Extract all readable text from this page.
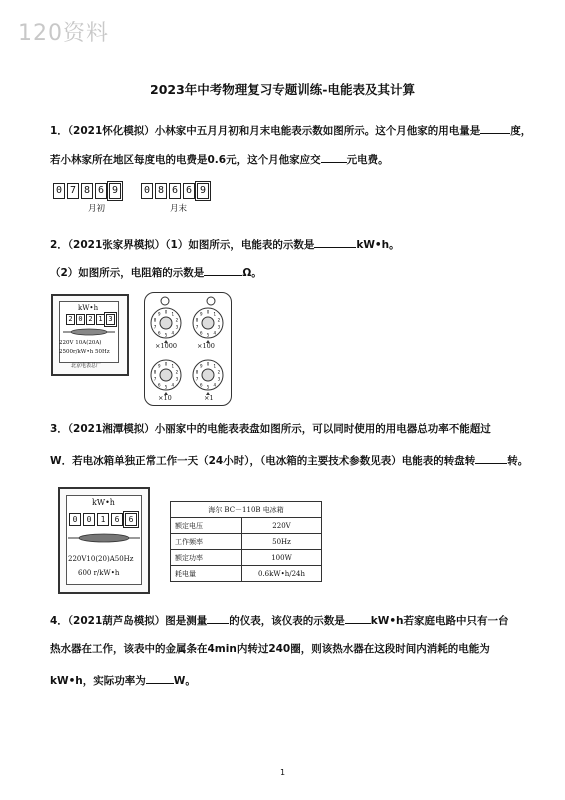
120资料
2023年中考物理复习专题训练-电能表及其计算
1．（2021怀化模拟）小林家中五月月初和月末电能表示数如图所示。这个月他家的用电量是	度，
若小林家所在地区每度电的电费是0.6元，这个月他家应交 元电费。
0 7 8 6 9
月初
0 8 6 6 9
月末
2．（2021张家界模拟）（1）如图所示，电能表的示数是	kW•h。
（2）如图所示，电阻箱的示数是	Ω。
kW•h
2 0 2 1 3
220V 10A(20A)
2500r/kW•h 50Hz
北京电表总厂
0 1
2
3
4
5
6
7
8
9	0 1
2
3
4
5
6
7
8
9
0 1
2
3
4
5
6
7
8
9	0 1
2
3
4
5
6
7
8
9
×1000	×100
×10	×1
3．（2021湘潭模拟）小丽家中的电能表表盘如图所示，可以同时使用的用电器总功率不能超过
W．若电冰箱单独正常工作一天（24小时），（电冰箱的主要技术参数见表）电能表的转盘转	转。
kW•h
0	0	1	6	6
220V10(20)A50Hz
600 r/kW•h
海尔 BC－110B 电冰箱	
额定电压	220V
工作频率	50Hz
额定功率	100W
耗电量	0.6kW•h/24h
4．（2021葫芦岛模拟）图是测量 的仪表，该仪表的示数是 kW•h若家庭电路中只有一台
热水器在工作，该表中的金属条在4min内转过240圈，则该热水器在这段时间内消耗的电能为
kW•h，实际功率为	W。
1
